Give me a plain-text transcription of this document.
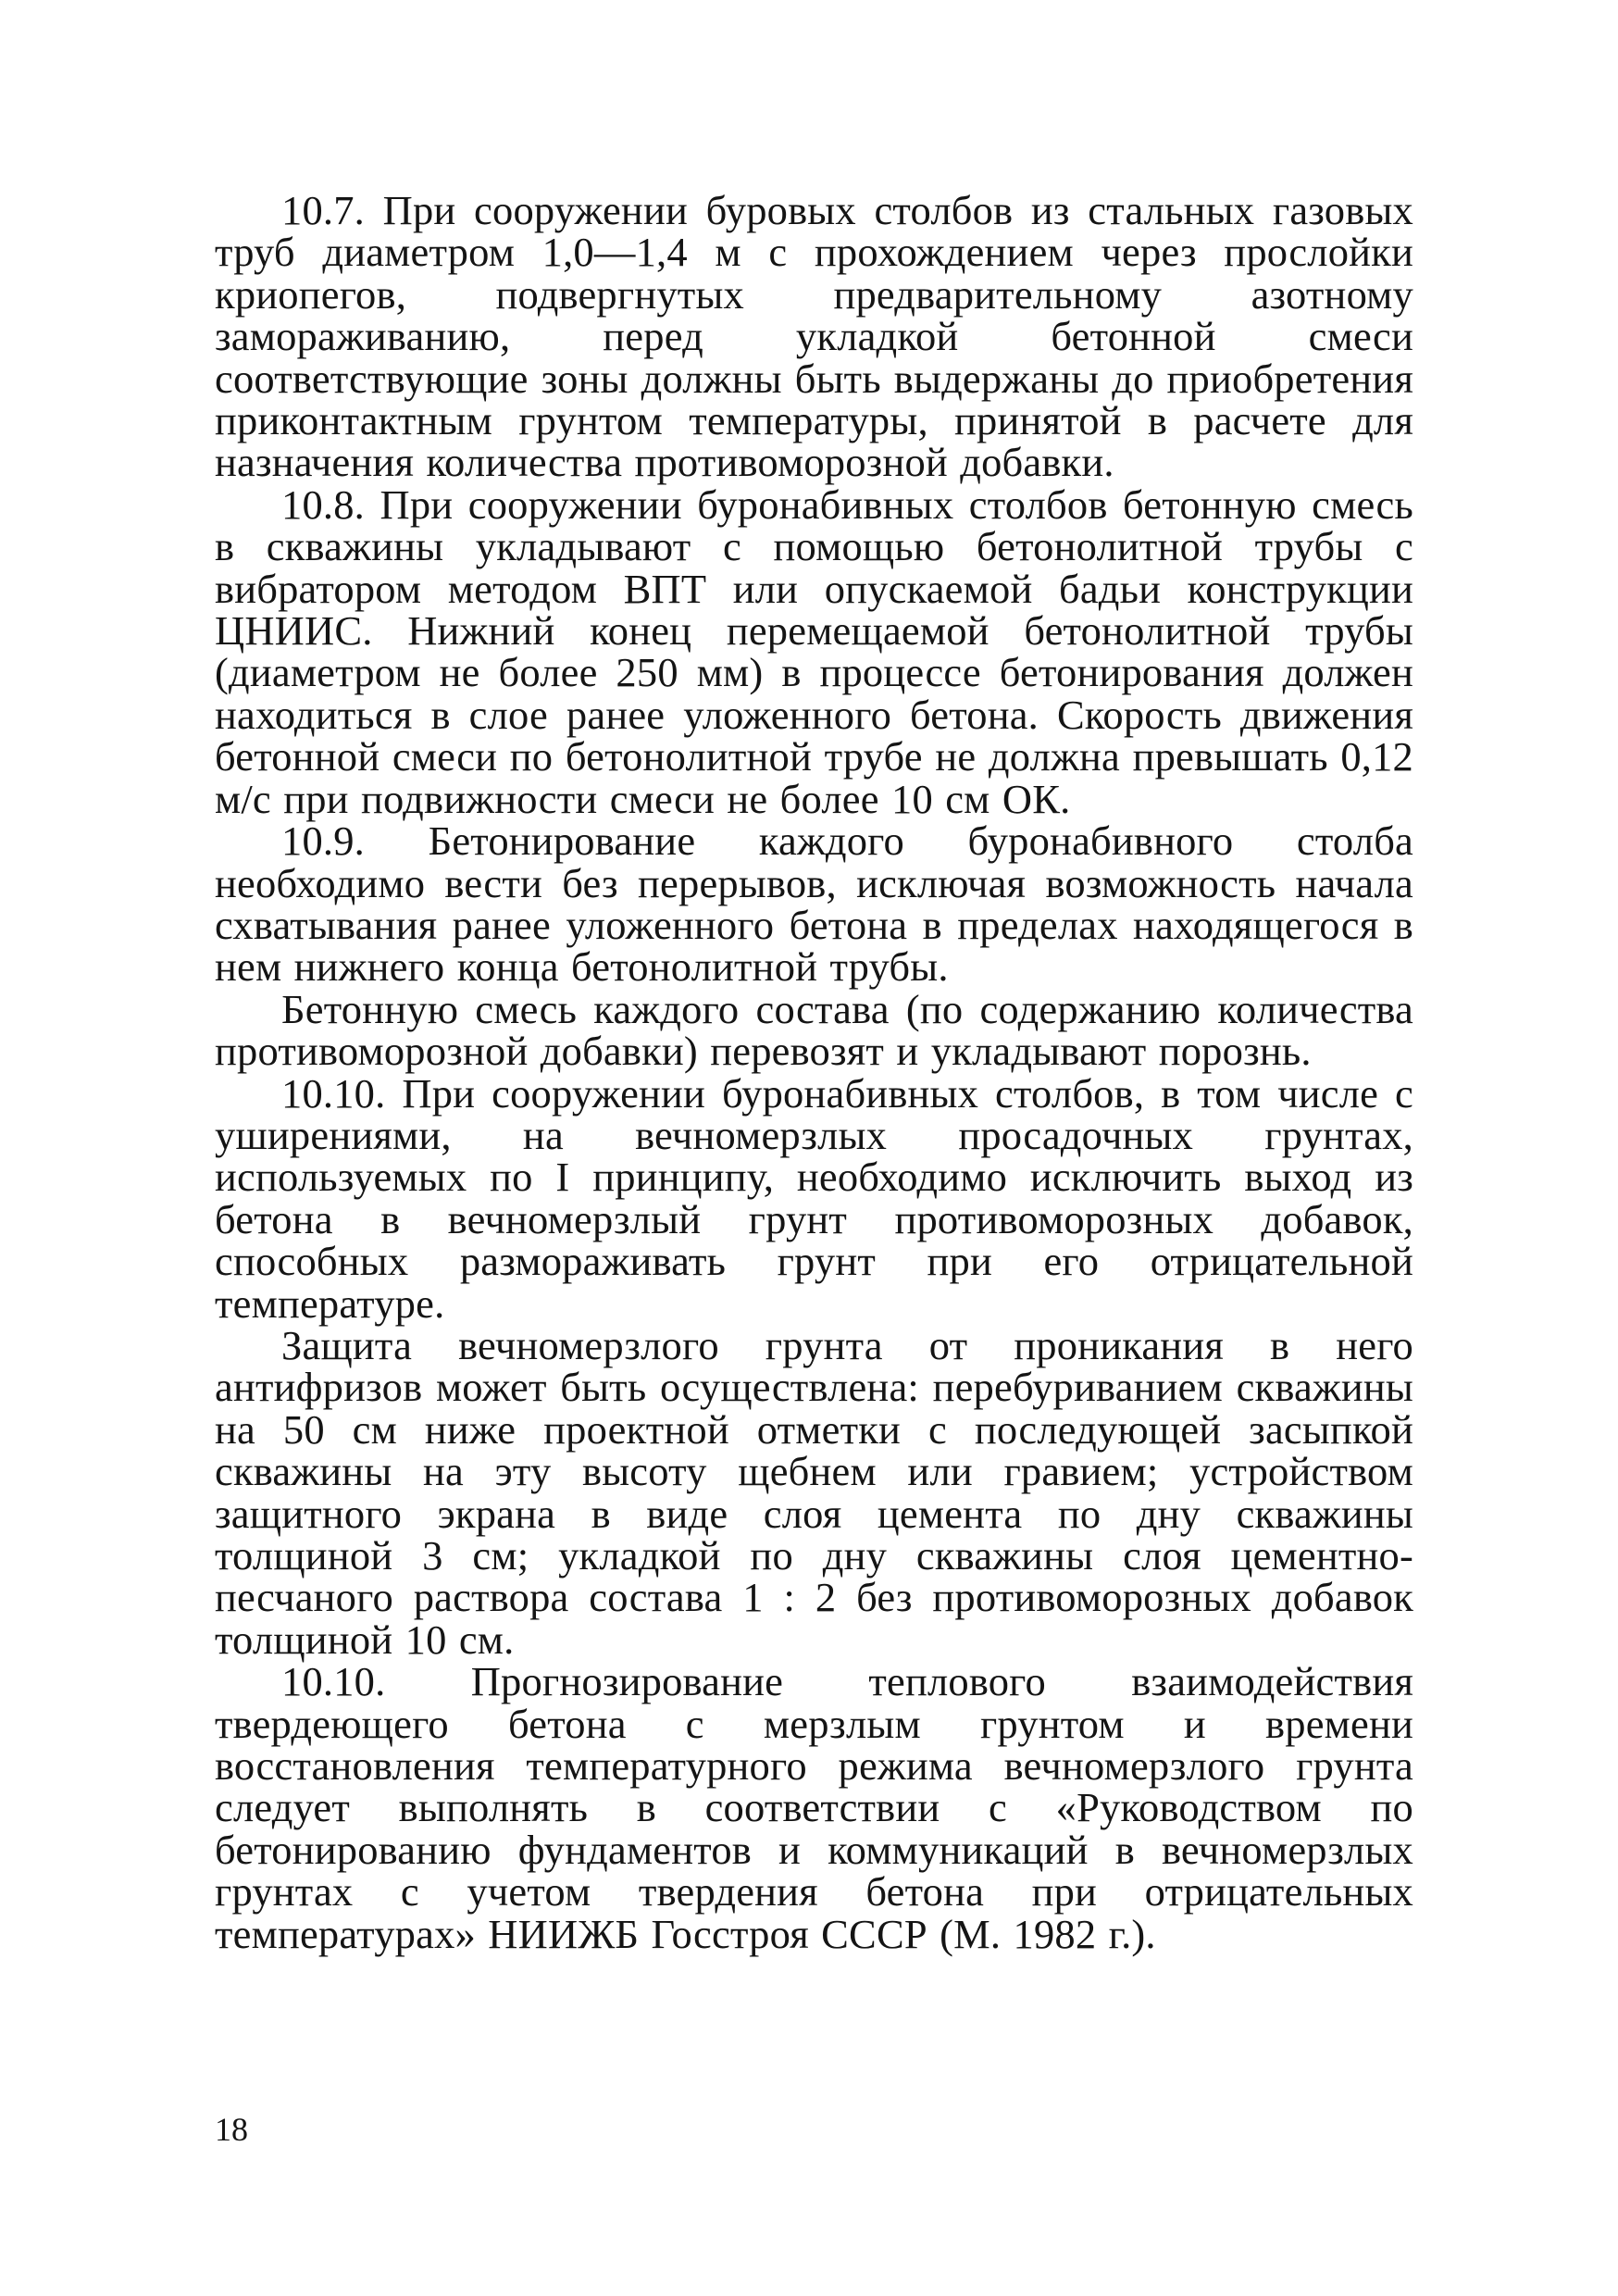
10.7. При сооружении буровых столбов из стальных газовых труб диаметром 1,0—1,4 м с прохождением через прослойки криопегов, подвергнутых предварительному азотному замораживанию, перед укладкой бетонной смеси соответствующие зоны должны быть выдержаны до приобретения приконтактным грунтом температуры, принятой в расчете для назначения количества противоморозной добавки.

10.8. При сооружении буронабивных столбов бетонную смесь в скважины укладывают с помощью бетонолитной трубы с вибратором методом ВПТ или опускаемой бадьи конструкции ЦНИИС. Нижний конец перемещаемой бетонолитной трубы (диаметром не более 250 мм) в процессе бетонирования должен находиться в слое ранее уложенного бетона. Скорость движения бетонной смеси по бетонолитной трубе не должна превышать 0,12 м/с при подвижности смеси не более 10 см ОК.

10.9. Бетонирование каждого буронабивного столба необходимо вести без перерывов, исключая возможность начала схватывания ранее уложенного бетона в пределах находящегося в нем нижнего конца бетонолитной трубы.

Бетонную смесь каждого состава (по содержанию количества противоморозной добавки) перевозят и укладывают порознь.

10.10. При сооружении буронабивных столбов, в том числе с уширениями, на вечномерзлых просадочных грунтах, используемых по I принципу, необходимо исключить выход из бетона в вечномерзлый грунт противоморозных добавок, способных размораживать грунт при его отрицательной температуре.

Защита вечномерзлого грунта от проникания в него антифризов может быть осуществлена: перебуриванием скважины на 50 см ниже проектной отметки с последующей засыпкой скважины на эту высоту щебнем или гравием; устройством защитного экрана в виде слоя цемента по дну скважины толщиной 3 см; укладкой по дну скважины слоя цементно-песчаного раствора состава 1 : 2 без противоморозных добавок толщиной 10 см.

10.10. Прогнозирование теплового взаимодействия твердеющего бетона с мерзлым грунтом и времени восстановления температурного режима вечномерзлого грунта следует выполнять в соответствии с «Руководством по бетонированию фундаментов и коммуникаций в вечномерзлых грунтах с учетом твердения бетона при отрицательных температурах» НИИЖБ Госстроя СССР (М. 1982 г.).

18
